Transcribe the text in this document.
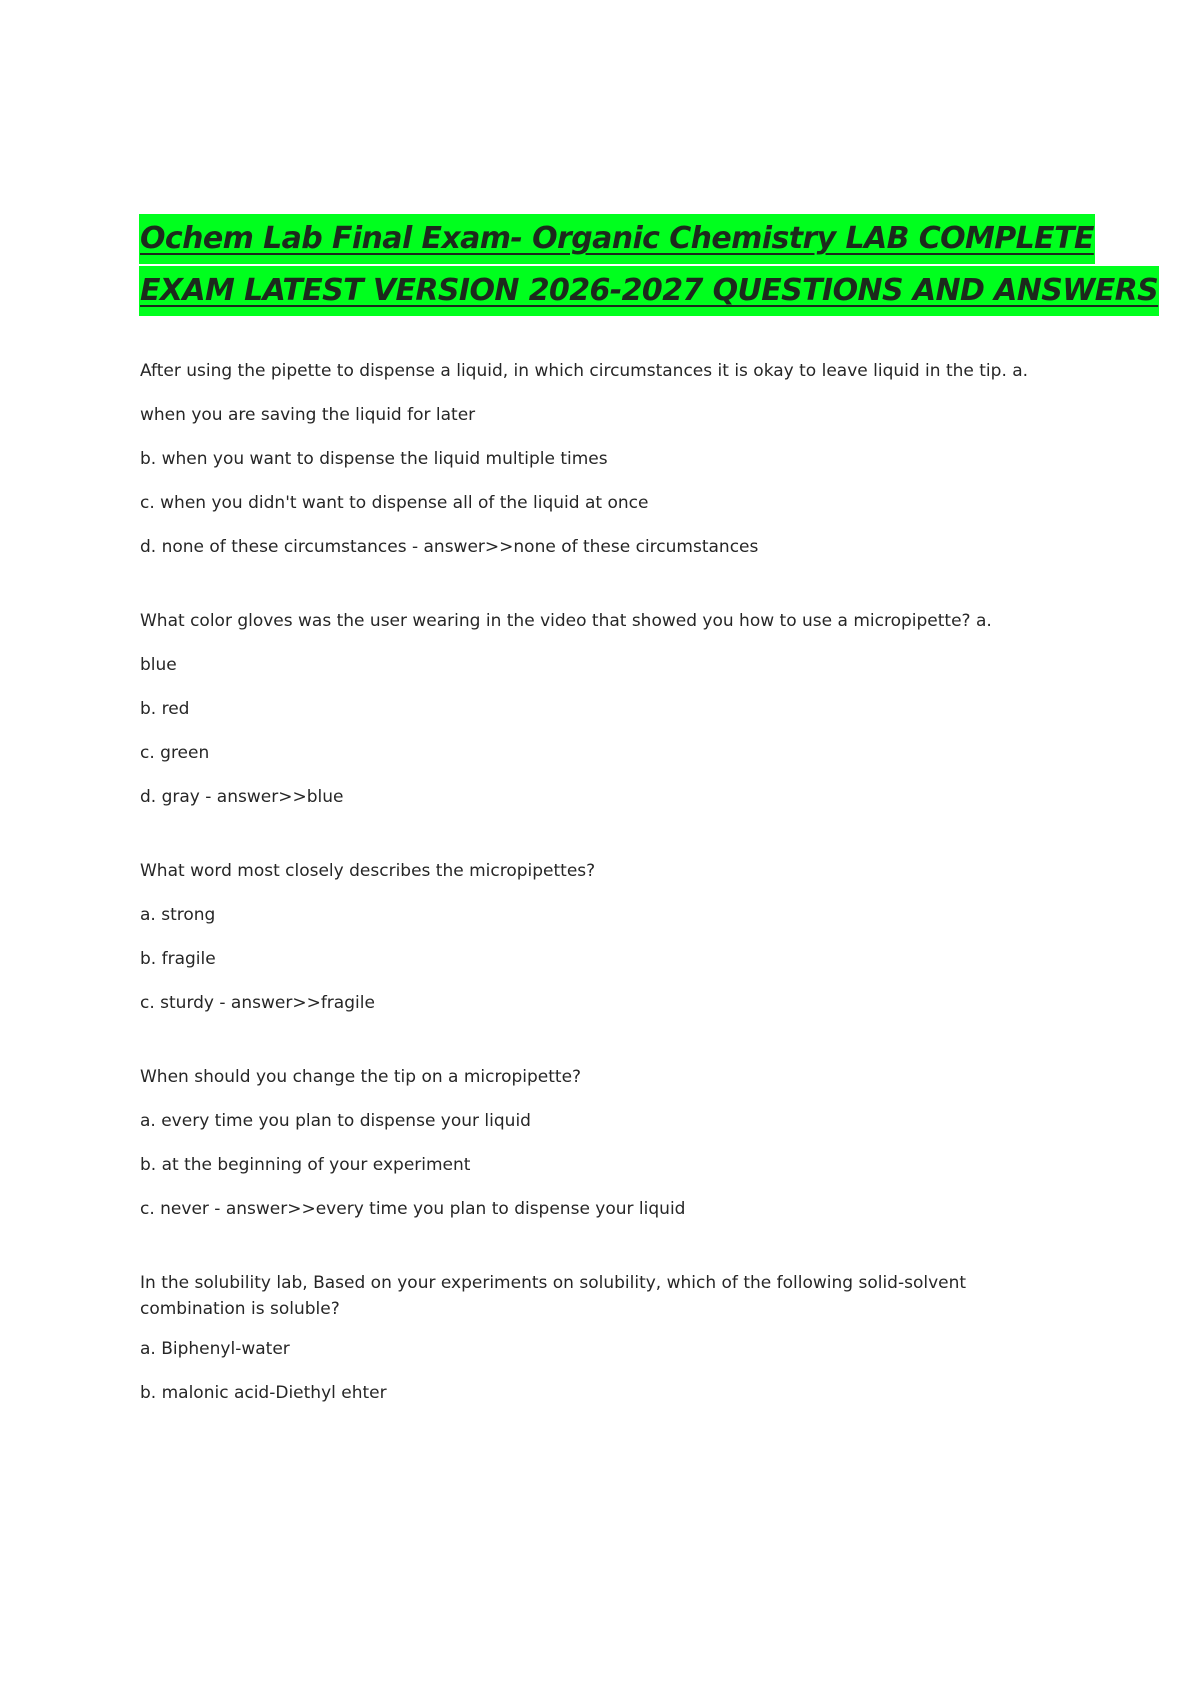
Ochem Lab Final Exam- Organic Chemistry LAB COMPLETE
EXAM LATEST VERSION 2026-2027 QUESTIONS AND ANSWERS
After using the pipette to dispense a liquid, in which circumstances it is okay to leave liquid in the tip. a.
when you are saving the liquid for later
b. when you want to dispense the liquid multiple times
c. when you didn't want to dispense all of the liquid at once
d. none of these circumstances - answer>>none of these circumstances
What color gloves was the user wearing in the video that showed you how to use a micropipette? a.
blue
b. red
c. green
d. gray - answer>>blue
What word most closely describes the micropipettes?
a. strong
b. fragile
c. sturdy - answer>>fragile
When should you change the tip on a micropipette?
a. every time you plan to dispense your liquid
b. at the beginning of your experiment
c. never - answer>>every time you plan to dispense your liquid
In the solubility lab, Based on your experiments on solubility, which of the following solid-solvent combination is soluble?
a. Biphenyl-water
b. malonic acid-Diethyl ehter
